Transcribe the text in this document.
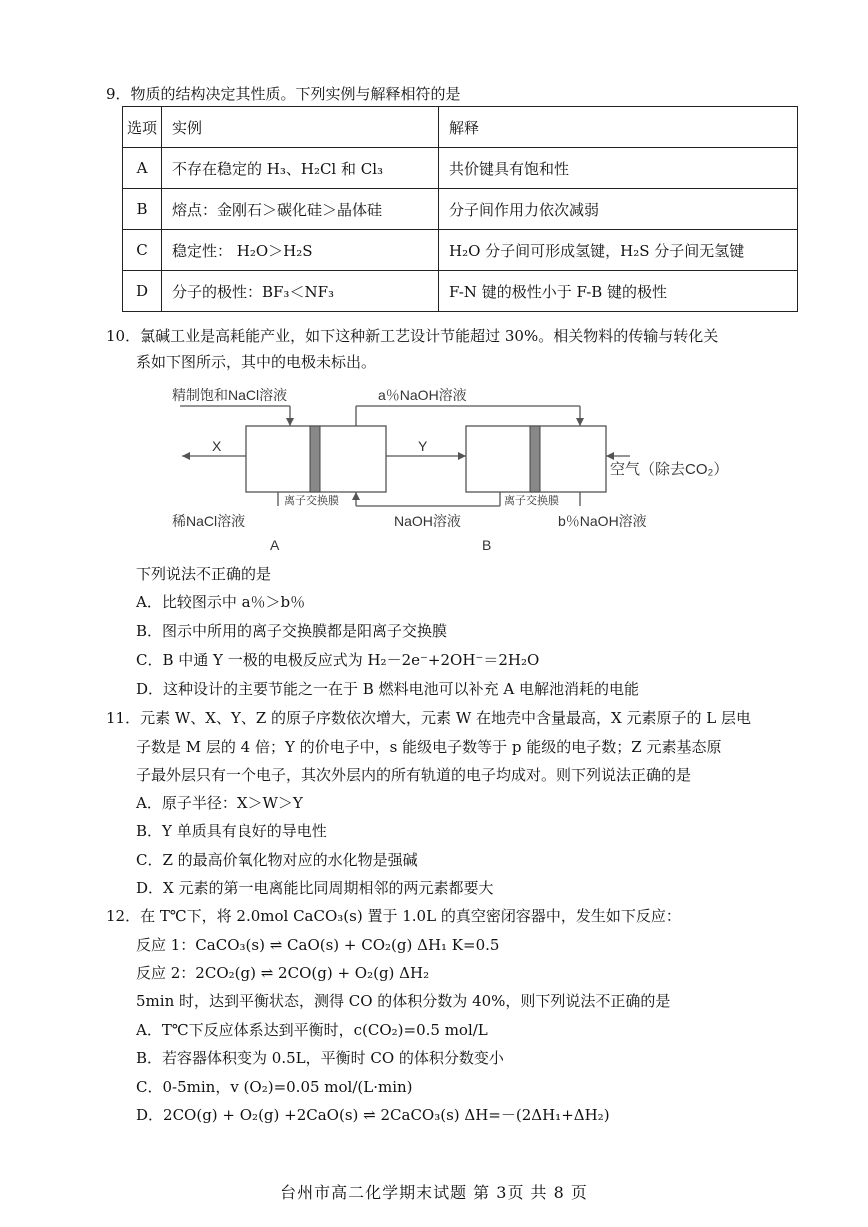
9．物质的结构决定其性质。下列实例与解释相符的是
选项	实例	解释
A	不存在稳定的 H₃、H₂Cl 和 Cl₃	共价键具有饱和性
B	熔点：金刚石＞碳化硅＞晶体硅	分子间作用力依次减弱
C	稳定性： H₂O＞H₂S	H₂O 分子间可形成氢键，H₂S 分子间无氢键
D	分子的极性：BF₃＜NF₃	F-N 键的极性小于 F-B 键的极性
10．氯碱工业是高耗能产业，如下这种新工艺设计节能超过 30%。相关物料的传输与转化关
系如下图所示，其中的电极未标出。
精制饱和NaCl溶液	a％NaOH溶液
X	Y
空气（除去CO₂）
离子交换膜	离子交换膜
稀NaCl溶液	NaOH溶液	b％NaOH溶液
A	B
下列说法不正确的是
A．比较图示中 a％＞b％
B．图示中所用的离子交换膜都是阳离子交换膜
C．B 中通 Y 一极的电极反应式为 H₂－2e⁻+2OH⁻＝2H₂O
D．这种设计的主要节能之一在于 B 燃料电池可以补充 A 电解池消耗的电能
11．元素 W、X、Y、Z 的原子序数依次增大，元素 W 在地壳中含量最高，X 元素原子的 L 层电
子数是 M 层的 4 倍；Y 的价电子中，s 能级电子数等于 p 能级的电子数；Z 元素基态原
子最外层只有一个电子，其次外层内的所有轨道的电子均成对。则下列说法正确的是
A．原子半径：X＞W＞Y
B．Y 单质具有良好的导电性
C．Z 的最高价氧化物对应的水化物是强碱
D．X 元素的第一电离能比同周期相邻的两元素都要大
12．在 T℃下，将 2.0mol CaCO₃(s) 置于 1.0L 的真空密闭容器中，发生如下反应：
反应 1：CaCO₃(s) ⇌ CaO(s) + CO₂(g) ΔH₁ K=0.5
反应 2：2CO₂(g) ⇌ 2CO(g) + O₂(g) ΔH₂
5min 时，达到平衡状态，测得 CO 的体积分数为 40%，则下列说法不正确的是
A．T℃下反应体系达到平衡时，c(CO₂)=0.5 mol/L
B．若容器体积变为 0.5L，平衡时 CO 的体积分数变小
C．0-5min，v (O₂)=0.05 mol/(L·min)
D．2CO(g) + O₂(g) +2CaO(s) ⇌ 2CaCO₃(s) ΔH=－(2ΔH₁+ΔH₂)
台州市高二化学期末试题 第 3页 共 8 页
